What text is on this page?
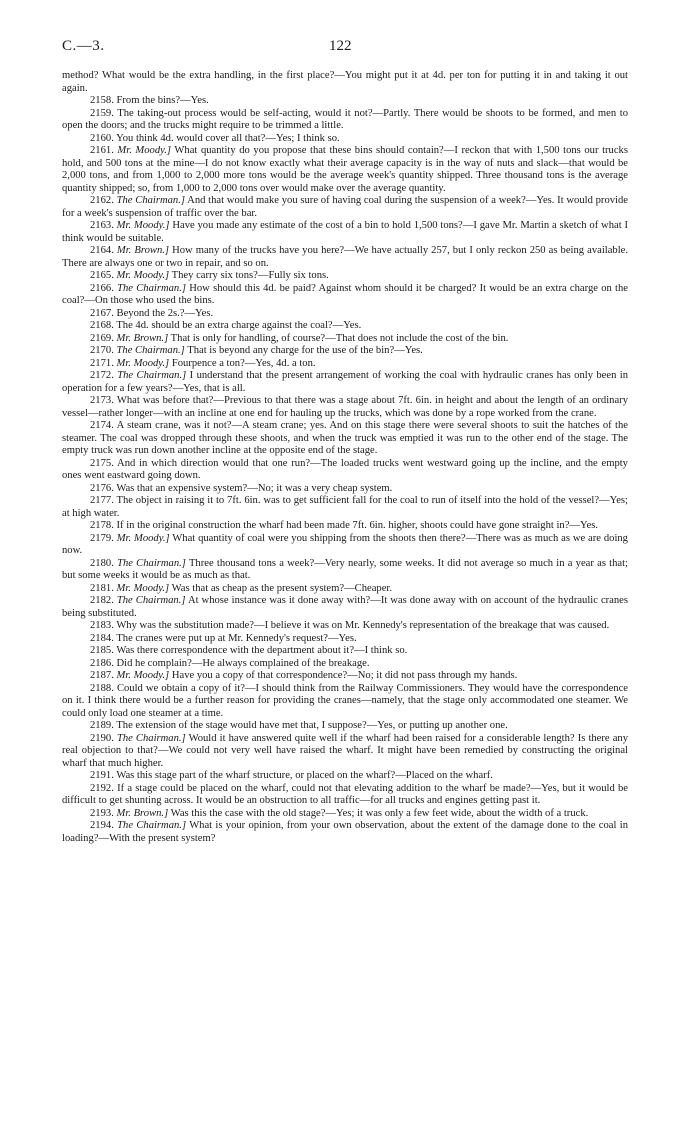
C.—3.	122

method? What would be the extra handling, in the first place?—You might put it at 4d. per ton for putting it in and taking it out again.

2158. From the bins?—Yes.

2159. The taking-out process would be self-acting, would it not?—Partly. There would be shoots to be formed, and men to open the doors; and the trucks might require to be trimmed a little.

2160. You think 4d. would cover all that?—Yes; I think so.

2161. Mr. Moody.] What quantity do you propose that these bins should contain?—I reckon that with 1,500 tons our trucks hold, and 500 tons at the mine—I do not know exactly what their average capacity is in the way of nuts and slack—that would be 2,000 tons, and from 1,000 to 2,000 more tons would be the average week's quantity shipped. Three thousand tons is the average quantity shipped; so, from 1,000 to 2,000 tons over would make over the average quantity.

2162. The Chairman.] And that would make you sure of having coal during the suspension of a week?—Yes. It would provide for a week's suspension of traffic over the bar.

2163. Mr. Moody.] Have you made any estimate of the cost of a bin to hold 1,500 tons?—I gave Mr. Martin a sketch of what I think would be suitable.

2164. Mr. Brown.] How many of the trucks have you here?—We have actually 257, but I only reckon 250 as being available. There are always one or two in repair, and so on.

2165. Mr. Moody.] They carry six tons?—Fully six tons.

2166. The Chairman.] How should this 4d. be paid? Against whom should it be charged? It would be an extra charge on the coal?—On those who used the bins.

2167. Beyond the 2s.?—Yes.

2168. The 4d. should be an extra charge against the coal?—Yes.

2169. Mr. Brown.] That is only for handling, of course?—That does not include the cost of the bin.

2170. The Chairman.] That is beyond any charge for the use of the bin?—Yes.

2171. Mr. Moody.] Fourpence a ton?—Yes, 4d. a ton.

2172. The Chairman.] I understand that the present arrangement of working the coal with hydraulic cranes has only been in operation for a few years?—Yes, that is all.

2173. What was before that?—Previous to that there was a stage about 7ft. 6in. in height and about the length of an ordinary vessel—rather longer—with an incline at one end for hauling up the trucks, which was done by a rope worked from the crane.

2174. A steam crane, was it not?—A steam crane; yes. And on this stage there were several shoots to suit the hatches of the steamer. The coal was dropped through these shoots, and when the truck was emptied it was run to the other end of the stage. The empty truck was run down another incline at the opposite end of the stage.

2175. And in which direction would that one run?—The loaded trucks went westward going up the incline, and the empty ones went eastward going down.

2176. Was that an expensive system?—No; it was a very cheap system.

2177. The object in raising it to 7ft. 6in. was to get sufficient fall for the coal to run of itself into the hold of the vessel?—Yes; at high water.

2178. If in the original construction the wharf had been made 7ft. 6in. higher, shoots could have gone straight in?—Yes.

2179. Mr. Moody.] What quantity of coal were you shipping from the shoots then there?—There was as much as we are doing now.

2180. The Chairman.] Three thousand tons a week?—Very nearly, some weeks. It did not average so much in a year as that; but some weeks it would be as much as that.

2181. Mr. Moody.] Was that as cheap as the present system?—Cheaper.

2182. The Chairman.] At whose instance was it done away with?—It was done away with on account of the hydraulic cranes being substituted.

2183. Why was the substitution made?—I believe it was on Mr. Kennedy's representation of the breakage that was caused.

2184. The cranes were put up at Mr. Kennedy's request?—Yes.

2185. Was there correspondence with the department about it?—I think so.

2186. Did he complain?—He always complained of the breakage.

2187. Mr. Moody.] Have you a copy of that correspondence?—No; it did not pass through my hands.

2188. Could we obtain a copy of it?—I should think from the Railway Commissioners. They would have the correspondence on it. I think there would be a further reason for providing the cranes—namely, that the stage only accommodated one steamer. We could only load one steamer at a time.

2189. The extension of the stage would have met that, I suppose?—Yes, or putting up another one.

2190. The Chairman.] Would it have answered quite well if the wharf had been raised for a considerable length? Is there any real objection to that?—We could not very well have raised the wharf. It might have been remedied by constructing the original wharf that much higher.

2191. Was this stage part of the wharf structure, or placed on the wharf?—Placed on the wharf.

2192. If a stage could be placed on the wharf, could not that elevating addition to the wharf be made?—Yes, but it would be difficult to get shunting across. It would be an obstruction to all traffic—for all trucks and engines getting past it.

2193. Mr. Brown.] Was this the case with the old stage?—Yes; it was only a few feet wide, about the width of a truck.

2194. The Chairman.] What is your opinion, from your own observation, about the extent of the damage done to the coal in loading?—With the present system?
